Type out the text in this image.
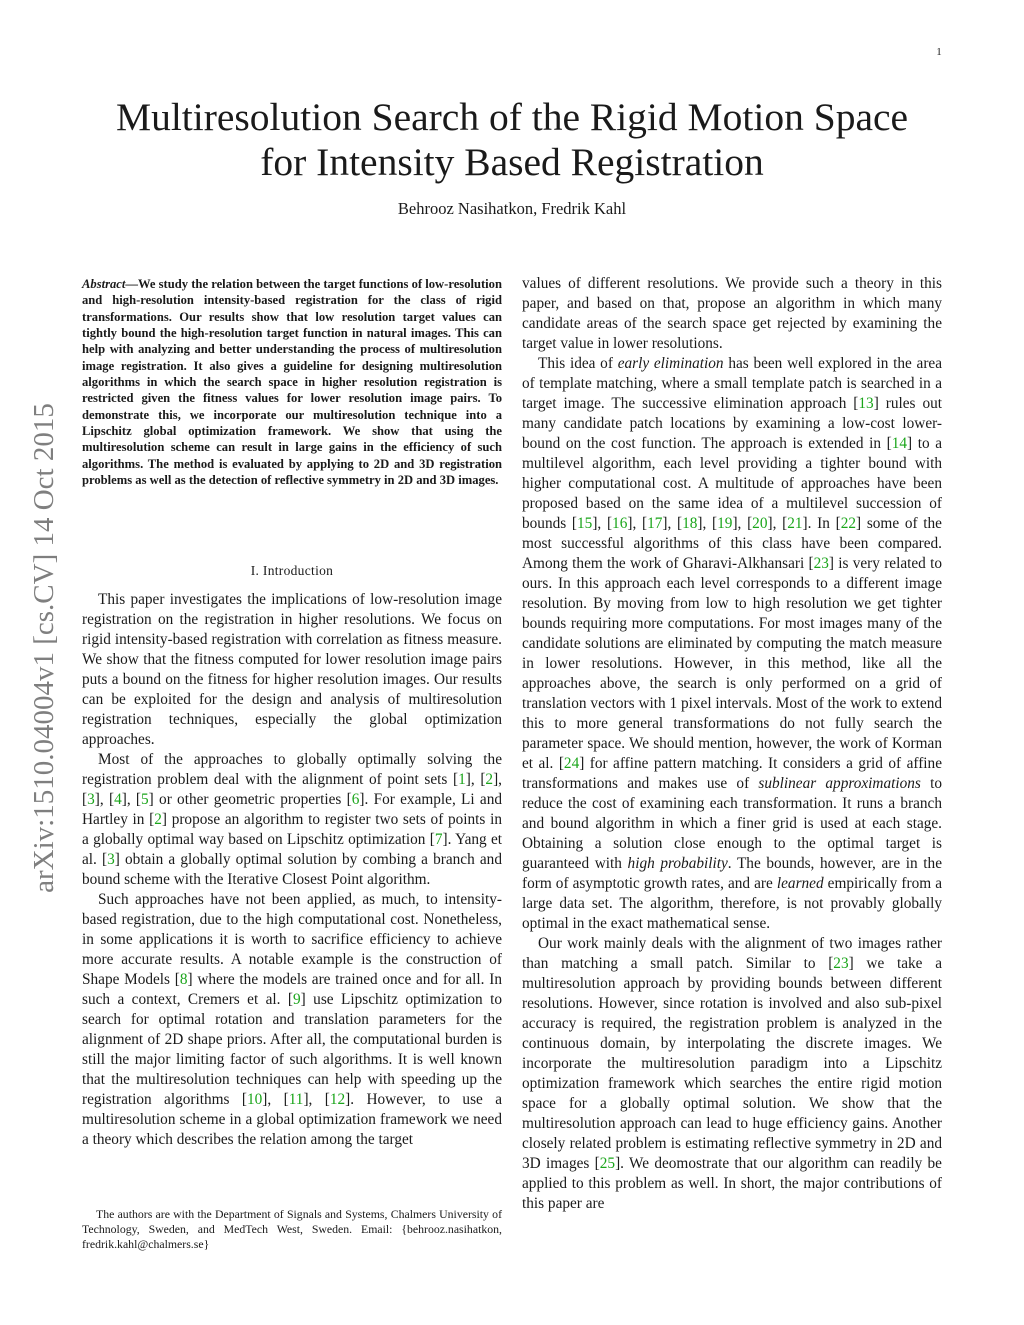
1
arXiv:1510.04004v1 [cs.CV] 14 Oct 2015
Multiresolution Search of the Rigid Motion Space
for Intensity Based Registration
Behrooz Nasihatkon, Fredrik Kahl
Abstract—We study the relation between the target functions of low-resolution and high-resolution intensity-based registration for the class of rigid transformations. Our results show that low resolution target values can tightly bound the high-resolution target function in natural images. This can help with analyzing and better understanding the process of multiresolution image registration. It also gives a guideline for designing multiresolution algorithms in which the search space in higher resolution registration is restricted given the fitness values for lower resolution image pairs. To demonstrate this, we incorporate our multiresolution technique into a Lipschitz global optimization framework. We show that using the multiresolution scheme can result in large gains in the efficiency of such algorithms. The method is evaluated by applying to 2D and 3D registration problems as well as the detection of reflective symmetry in 2D and 3D images.
I. Introduction

This paper investigates the implications of low-resolution image registration on the registration in higher resolutions. We focus on rigid intensity-based registration with correlation as fitness measure. We show that the fitness computed for lower resolution image pairs puts a bound on the fitness for higher resolution images. Our results can be exploited for the design and analysis of multiresolution registration techniques, especially the global optimization approaches.

Most of the approaches to globally optimally solving the registration problem deal with the alignment of point sets [1], [2], [3], [4], [5] or other geometric properties [6]. For example, Li and Hartley in [2] propose an algorithm to register two sets of points in a globally optimal way based on Lipschitz optimization [7]. Yang et al. [3] obtain a globally optimal solution by combing a branch and bound scheme with the Iterative Closest Point algorithm.

Such approaches have not been applied, as much, to intensity-based registration, due to the high computational cost. Nonetheless, in some applications it is worth to sacrifice efficiency to achieve more accurate results. A notable example is the construction of Shape Models [8] where the models are trained once and for all. In such a context, Cremers et al. [9] use Lipschitz optimization to search for optimal rotation and translation parameters for the alignment of 2D shape priors. After all, the computational burden is still the major limiting factor of such algorithms. It is well known that the multiresolution techniques can help with speeding up the registration algorithms [10], [11], [12]. However, to use a multiresolution scheme in a global optimization framework we need a theory which describes the relation among the target

The authors are with the Department of Signals and Systems, Chalmers University of Technology, Sweden, and MedTech West, Sweden. Email: {behrooz.nasihatkon, fredrik.kahl@chalmers.se}

values of different resolutions. We provide such a theory in this paper, and based on that, propose an algorithm in which many candidate areas of the search space get rejected by examining the target value in lower resolutions.

This idea of early elimination has been well explored in the area of template matching, where a small template patch is searched in a target image. The successive elimination approach [13] rules out many candidate patch locations by examining a low-cost lower-bound on the cost function. The approach is extended in [14] to a multilevel algorithm, each level providing a tighter bound with higher computational cost. A multitude of approaches have been proposed based on the same idea of a multilevel succession of bounds [15], [16], [17], [18], [19], [20], [21]. In [22] some of the most successful algorithms of this class have been compared. Among them the work of Gharavi-Alkhansari [23] is very related to ours. In this approach each level corresponds to a different image resolution. By moving from low to high resolution we get tighter bounds requiring more computations. For most images many of the candidate solutions are eliminated by computing the match measure in lower resolutions. However, in this method, like all the approaches above, the search is only performed on a grid of translation vectors with 1 pixel intervals. Most of the work to extend this to more general transformations do not fully search the parameter space. We should mention, however, the work of Korman et al. [24] for affine pattern matching. It considers a grid of affine transformations and makes use of sublinear approximations to reduce the cost of examining each transformation. It runs a branch and bound algorithm in which a finer grid is used at each stage. Obtaining a solution close enough to the optimal target is guaranteed with high probability. The bounds, however, are in the form of asymptotic growth rates, and are learned empirically from a large data set. The algorithm, therefore, is not provably globally optimal in the exact mathematical sense.

Our work mainly deals with the alignment of two images rather than matching a small patch. Similar to [23] we take a multiresolution approach by providing bounds between different resolutions. However, since rotation is involved and also sub-pixel accuracy is required, the registration problem is analyzed in the continuous domain, by interpolating the discrete images. We incorporate the multiresolution paradigm into a Lipschitz optimization framework which searches the entire rigid motion space for a globally optimal solution. We show that the multiresolution approach can lead to huge efficiency gains. Another closely related problem is estimating reflective symmetry in 2D and 3D images [25]. We deomostrate that our algorithm can readily be applied to this problem as well. In short, the major contributions of this paper are
